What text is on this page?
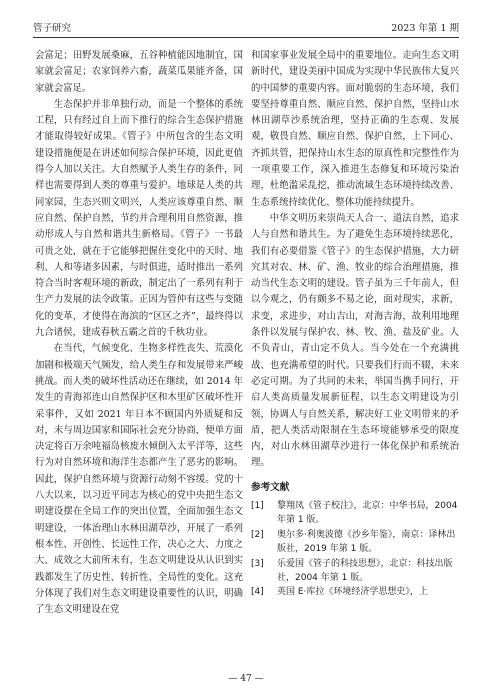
管子研究	2023 年第 1 期

会富足；田野发展桑麻，五谷种植能因地制宜，国家就会富足；农家饲养六畜，蔬菜瓜果能齐备，国家就会富足。

生态保护并非单独行动，而是一个整体的系统工程，只有经过自上而下推行的综合生态保护措施才能取得较好成果。《管子》中所包含的生态文明建设措施便是在讲述如何综合保护环境，因此更值得今人加以关注。大自然赋予人类生存的条件，同样也需要得到人类的尊重与爱护。地球是人类的共同家园，生态兴则文明兴，人类应该尊重自然、顺应自然、保护自然，节约并合理利用自然资源，推动形成人与自然和谐共生新格局。《管子》一书最可贵之处，就在于它能够把握住变化中的天时、地利、人和等诸多因素，与时俱进，适时推出一系列符合当时客观环境的新政，制定出了一系列有利于生产力发展的法令政策。正因为管仲有这些与变随化的变革，才使得在海滨的“区区之齐”，最终得以九合诸侯，建成春秋五霸之首的千秋功业。

在当代，气候变化、生物多样性丧失、荒漠化加剧和极端天气频发，给人类生存和发展带来严峻挑战。而人类的破坏性活动还在继续，如 2014 年发生的青海祁连山自然保护区和木里矿区破坏性开采事件，又如 2021 年日本不顾国内外质疑和反对，未与周边国家和国际社会充分协商，便单方面决定将百万余吨福岛核废水倾倒入太平洋等，这些行为对自然环境和海洋生态都产生了恶劣的影响。因此，保护自然环境与资源行动刻不容缓。党的十八大以来，以习近平同志为核心的党中央把生态文明建设摆在全局工作的突出位置，全面加强生态文明建设，一体治理山水林田湖草沙，开展了一系列根本性、开创性、长远性工作，决心之大、力度之大、成效之大前所未有，生态文明建设从认识到实践都发生了历史性、转折性、全局性的变化。这充分体现了我们对生态文明建设重要性的认识，明确了生态文明建设在党

和国家事业发展全局中的重要地位。走向生态文明新时代，建设美丽中国成为实现中华民族伟大复兴的中国梦的重要内容。面对脆弱的生态环境，我们要坚持尊重自然、顺应自然、保护自然，坚持山水林田湖草沙系统治理，坚持正确的生态观、发展观，敬畏自然、顺应自然、保护自然，上下同心、齐抓共管，把保持山水生态的原真性和完整性作为一项重要工作，深入推进生态修复和环境污染治理，杜绝滥采乱挖，推动流域生态环境持续改善、生态系统持续优化、整体功能持续提升。

中华文明历来崇尚天人合一、道法自然，追求人与自然和谐共生。为了避免生态环境持续恶化，我们有必要借鉴《管子》的生态保护措施，大力研究其对农、林、矿、渔、牧业的综合治理措施，推动当代生态文明的建设。管子虽为三千年前人，但以今观之，仍有颇多不易之论，面对现实，求新，求变，求进步，对山吉山，对海吉海，故利用地理条件以发展与保护农、林、牧、渔、盐及矿业。人不负青山，青山定不负人。当今处在一个充满挑战、也充满希望的时代。只要我们行而不辍，未来必定可期。为了共同的未来，举国当携手同行，开启人类高质量发展新征程，以生态文明建设为引领，协调人与自然关系，解决好工业文明带来的矛盾，把人类活动限制在生态环境能够承受的限度内，对山水林田湖草沙进行一体化保护和系统治理。

参考文献
[1]	黎翔凤《管子校注》，北京：中华书局，2004 年第 1 版。
[2]	奥尔多·利奥波德《沙乡年鉴》，南京：译林出版社，2019 年第 1 版。
[3]	乐爱国《管子的科技思想》，北京：科技出版社，2004 年第 1 版。
[4]	英国 E·库拉《环境经济学思想史》，上
— 47 —
